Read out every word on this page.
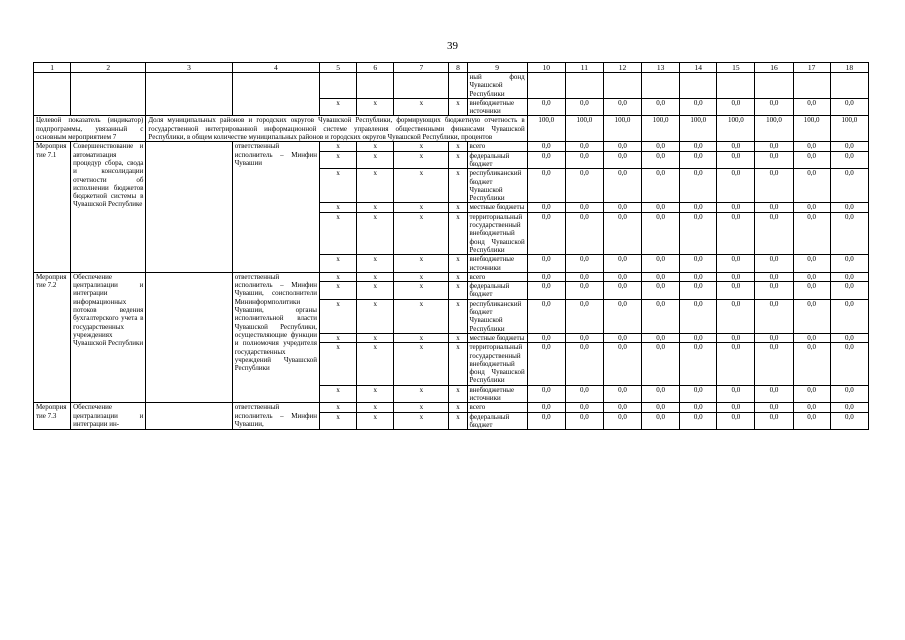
39
1	2	3	4	5	6	7	8	9	10	11	12	13	14	15	16	17	18
								ный фонд Чувашской Республики									
				x	x	x	x	внебюджетные источники	0,0	0,0	0,0	0,0	0,0	0,0	0,0	0,0	0,0
Целевой показатель (индикатор) подпрограммы, увязанный с основным мероприятием 7		Доля муниципальных районов и городских округов Чувашской Республики, формирующих бюджетную отчетность в государственной интегрированной информационной системе управления общественными финансами Чувашской Республики, в общем количестве муниципальных районов и городских округов Чувашской Республики, процентов							100,0	100,0	100,0	100,0	100,0	100,0	100,0	100,0	100,0
Мероприятие 7.1	Совершенствование и автоматизация процедур сбора, свода и консолидации отчетности об исполнении бюджетов бюджетной системы в Чувашской Республике		ответственный исполнитель – Минфин Чувашии	x	x	x	x	всего	0,0	0,0	0,0	0,0	0,0	0,0	0,0	0,0	0,0
				x	x	x	x	федеральный бюджет	0,0	0,0	0,0	0,0	0,0	0,0	0,0	0,0	0,0
				x	x	x	x	республиканский бюджет Чувашской Республики	0,0	0,0	0,0	0,0	0,0	0,0	0,0	0,0	0,0
				x	x	x	x	местные бюджеты	0,0	0,0	0,0	0,0	0,0	0,0	0,0	0,0	0,0
				x	x	x	x	территориальный государственный внебюджетный фонд Чувашской Республики	0,0	0,0	0,0	0,0	0,0	0,0	0,0	0,0	0,0
				x	x	x	x	внебюджетные источники	0,0	0,0	0,0	0,0	0,0	0,0	0,0	0,0	0,0
Мероприятие 7.2	Обеспечение централизации и интеграции информационных потоков ведения бухгалтерского учета в государственных учреждениях Чувашской Республики		ответственный исполнитель – Минфин Чувашии, соисполнители Мининформполитики Чувашии, органы исполнительной власти Чувашской Республики, осуществляющие функции и полномочия учредителя государственных учреждений Чувашской Республики	x	x	x	x	всего	0,0	0,0	0,0	0,0	0,0	0,0	0,0	0,0	0,0
				x	x	x	x	федеральный бюджет	0,0	0,0	0,0	0,0	0,0	0,0	0,0	0,0	0,0
				x	x	x	x	республиканский бюджет Чувашской Республики	0,0	0,0	0,0	0,0	0,0	0,0	0,0	0,0	0,0
				x	x	x	x	местные бюджеты	0,0	0,0	0,0	0,0	0,0	0,0	0,0	0,0	0,0
				x	x	x	x	территориальный государственный внебюджетный фонд Чувашской Республики	0,0	0,0	0,0	0,0	0,0	0,0	0,0	0,0	0,0
				x	x	x	x	внебюджетные источники	0,0	0,0	0,0	0,0	0,0	0,0	0,0	0,0	0,0
Мероприятие 7.3	Обеспечение централизации и интеграции ин-		ответственный исполнитель – Минфин Чувашии,	x	x	x	x	всего	0,0	0,0	0,0	0,0	0,0	0,0	0,0	0,0	0,0
				x	x	x	x	федеральный бюджет	0,0	0,0	0,0	0,0	0,0	0,0	0,0	0,0	0,0
